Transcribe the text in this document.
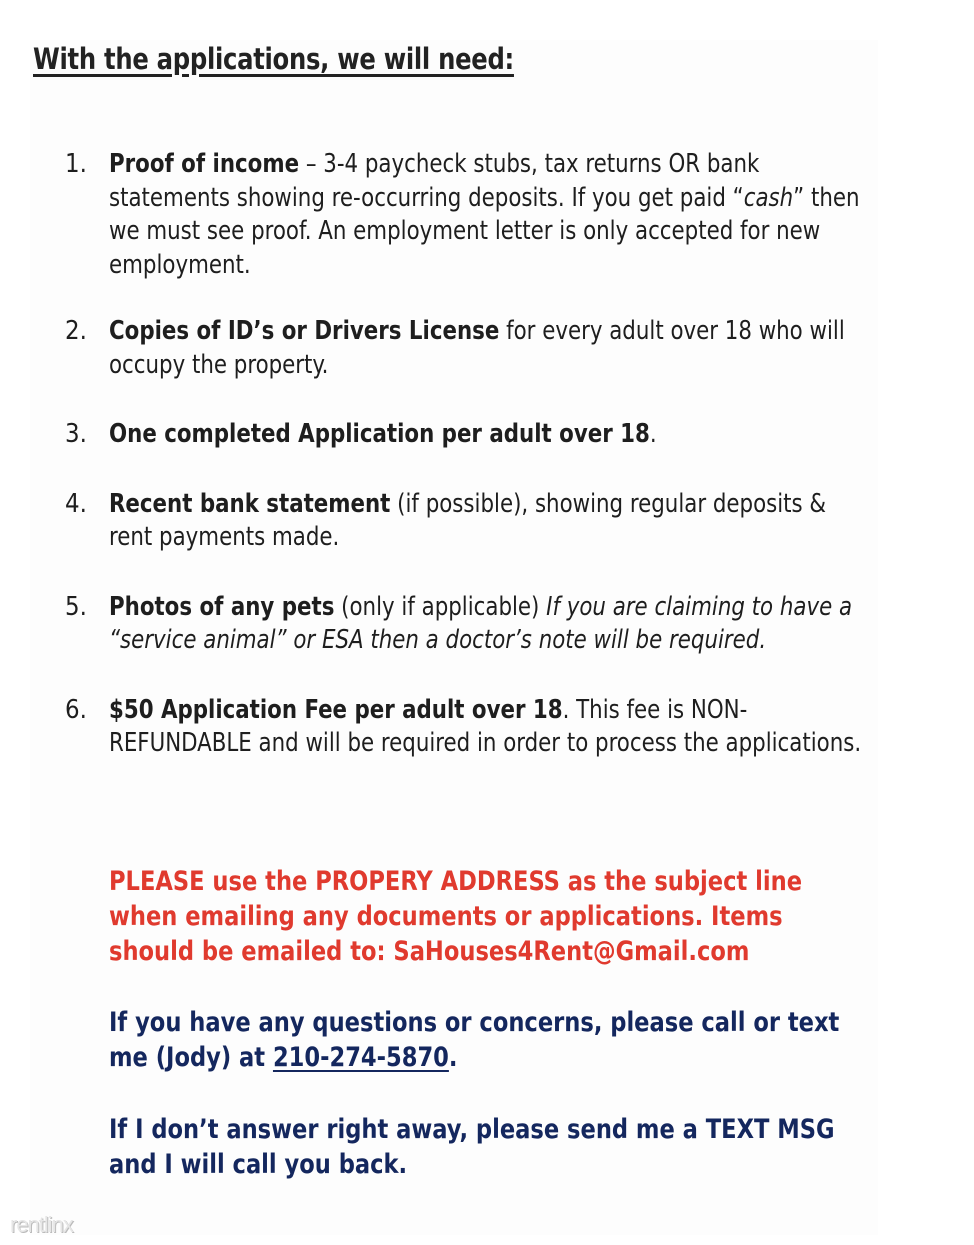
With the applications, we will need:
1. Proof of income – 3-4 paycheck stubs, tax returns OR bank statements showing re-occurring deposits. If you get paid “cash” then we must see proof. An employment letter is only accepted for new employment.
2. Copies of ID’s or Drivers License for every adult over 18 who will occupy the property.
3. One completed Application per adult over 18.
4. Recent bank statement (if possible), showing regular deposits & rent payments made.
5. Photos of any pets (only if applicable) If you are claiming to have a “service animal” or ESA then a doctor’s note will be required.
6. $50 Application Fee per adult over 18. This fee is NON-REFUNDABLE and will be required in order to process the applications.
PLEASE use the PROPERY ADDRESS as the subject line when emailing any documents or applications. Items should be emailed to: SaHouses4Rent@Gmail.com
If you have any questions or concerns, please call or text me (Jody) at 210-274-5870.
If I don’t answer right away, please send me a TEXT MSG and I will call you back.
rentlinx
